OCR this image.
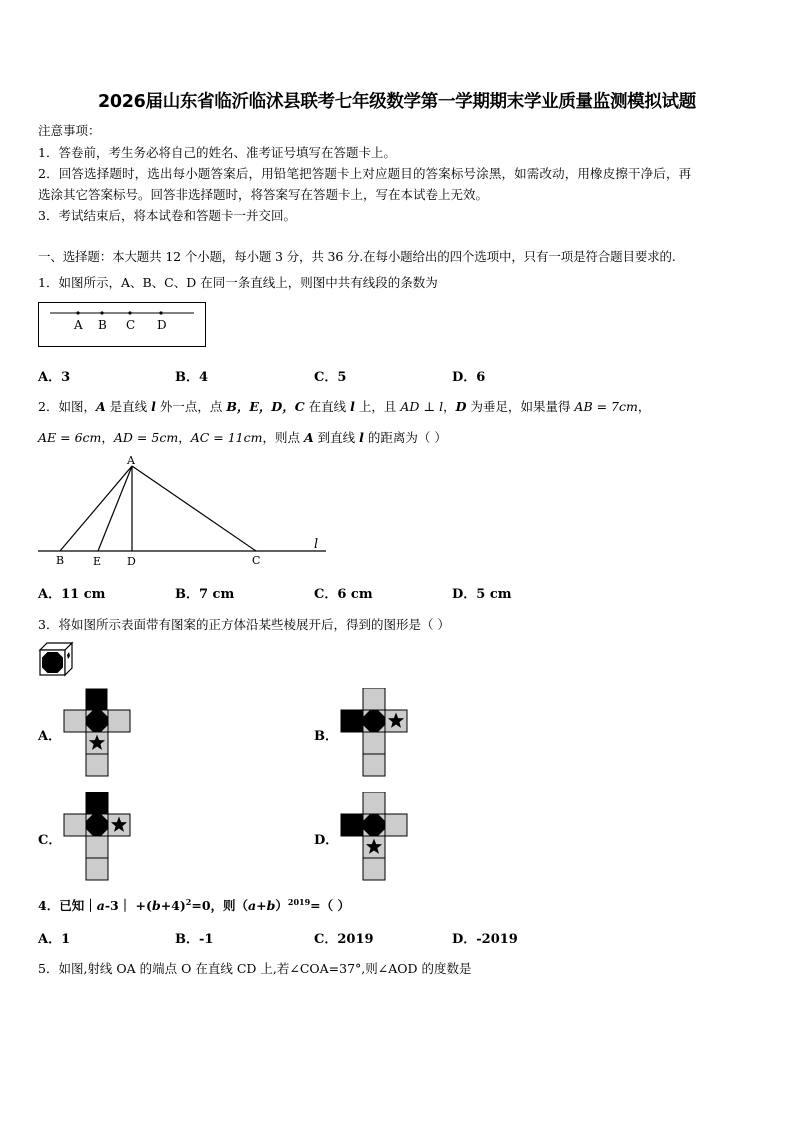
2026届山东省临沂临沭县联考七年级数学第一学期期末学业质量监测模拟试题
注意事项：
1．答卷前，考生务必将自己的姓名、准考证号填写在答题卡上。
2．回答选择题时，选出每小题答案后，用铅笔把答题卡上对应题目的答案标号涂黑，如需改动，用橡皮擦干净后，再
选涂其它答案标号。回答非选择题时，将答案写在答题卡上，写在本试卷上无效。
3．考试结束后，将本试卷和答题卡一并交回。
一、选择题：本大题共 12 个小题，每小题 3 分，共 36 分.在每小题给出的四个选项中，只有一项是符合题目要求的.
1．如图所示，A、B、C、D 在同一条直线上，则图中共有线段的条数为
A B C D
A．3	B．4	C．5	D．6
2．如图，A 是直线 l 外一点，点 B，E，D，C 在直线 l 上，且 AD ⊥ l，D 为垂足，如果量得 AB = 7cm，
AE = 6cm，AD = 5cm，AC = 11cm，则点 A 到直线 l 的距离为（ ）
A
B	E D	C
l
A．11 cm	B．7 cm	C．6 cm	D．5 cm
3．将如图所示表面带有图案的正方体沿某些棱展开后，得到的图形是（ ）
A．	B．
C．	D．
4．已知｜a-3｜ $+(b+4)^2=0$，则$(a+b)^{2019}=$（ ）
A．1	B．-1	C．2019	D．-2019
5．如图,射线 OA 的端点 O 在直线 CD 上,若∠COA=37°,则∠AOD 的度数是
